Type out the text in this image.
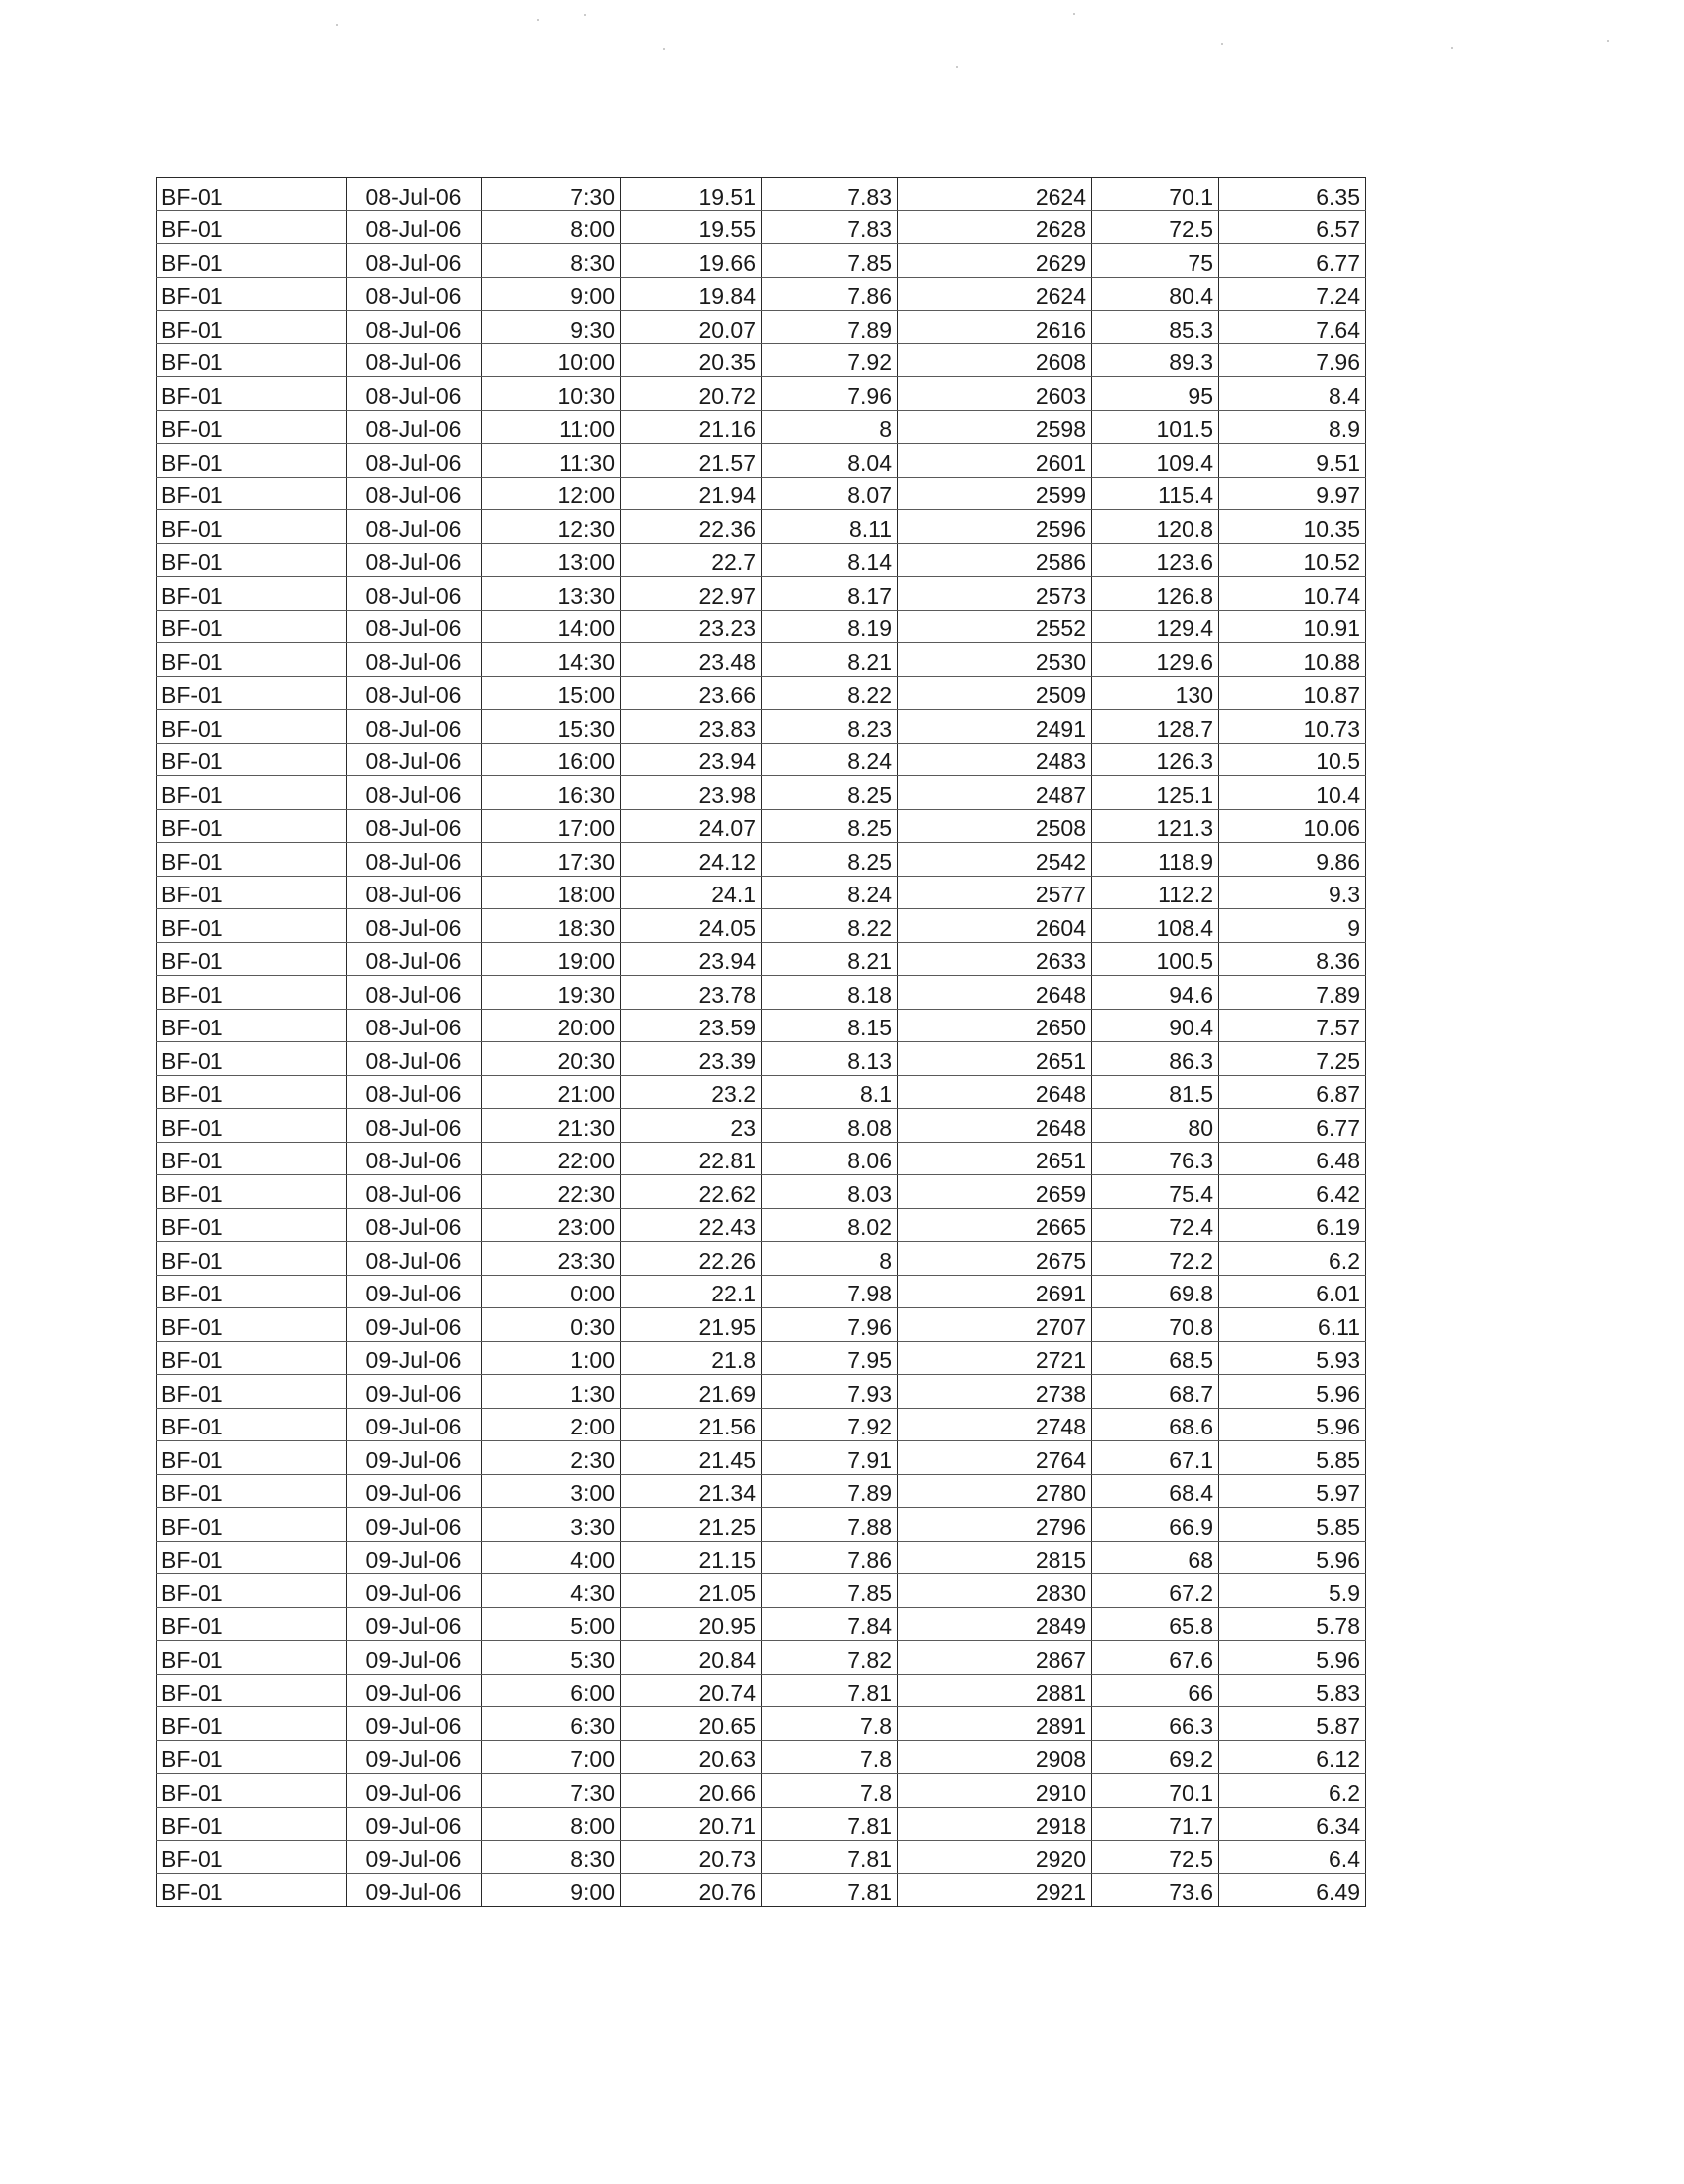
BF-01	08-Jul-06	7:30	19.51	7.83	2624	70.1	6.35
BF-01	08-Jul-06	8:00	19.55	7.83	2628	72.5	6.57
BF-01	08-Jul-06	8:30	19.66	7.85	2629	75	6.77
BF-01	08-Jul-06	9:00	19.84	7.86	2624	80.4	7.24
BF-01	08-Jul-06	9:30	20.07	7.89	2616	85.3	7.64
BF-01	08-Jul-06	10:00	20.35	7.92	2608	89.3	7.96
BF-01	08-Jul-06	10:30	20.72	7.96	2603	95	8.4
BF-01	08-Jul-06	11:00	21.16	8	2598	101.5	8.9
BF-01	08-Jul-06	11:30	21.57	8.04	2601	109.4	9.51
BF-01	08-Jul-06	12:00	21.94	8.07	2599	115.4	9.97
BF-01	08-Jul-06	12:30	22.36	8.11	2596	120.8	10.35
BF-01	08-Jul-06	13:00	22.7	8.14	2586	123.6	10.52
BF-01	08-Jul-06	13:30	22.97	8.17	2573	126.8	10.74
BF-01	08-Jul-06	14:00	23.23	8.19	2552	129.4	10.91
BF-01	08-Jul-06	14:30	23.48	8.21	2530	129.6	10.88
BF-01	08-Jul-06	15:00	23.66	8.22	2509	130	10.87
BF-01	08-Jul-06	15:30	23.83	8.23	2491	128.7	10.73
BF-01	08-Jul-06	16:00	23.94	8.24	2483	126.3	10.5
BF-01	08-Jul-06	16:30	23.98	8.25	2487	125.1	10.4
BF-01	08-Jul-06	17:00	24.07	8.25	2508	121.3	10.06
BF-01	08-Jul-06	17:30	24.12	8.25	2542	118.9	9.86
BF-01	08-Jul-06	18:00	24.1	8.24	2577	112.2	9.3
BF-01	08-Jul-06	18:30	24.05	8.22	2604	108.4	9
BF-01	08-Jul-06	19:00	23.94	8.21	2633	100.5	8.36
BF-01	08-Jul-06	19:30	23.78	8.18	2648	94.6	7.89
BF-01	08-Jul-06	20:00	23.59	8.15	2650	90.4	7.57
BF-01	08-Jul-06	20:30	23.39	8.13	2651	86.3	7.25
BF-01	08-Jul-06	21:00	23.2	8.1	2648	81.5	6.87
BF-01	08-Jul-06	21:30	23	8.08	2648	80	6.77
BF-01	08-Jul-06	22:00	22.81	8.06	2651	76.3	6.48
BF-01	08-Jul-06	22:30	22.62	8.03	2659	75.4	6.42
BF-01	08-Jul-06	23:00	22.43	8.02	2665	72.4	6.19
BF-01	08-Jul-06	23:30	22.26	8	2675	72.2	6.2
BF-01	09-Jul-06	0:00	22.1	7.98	2691	69.8	6.01
BF-01	09-Jul-06	0:30	21.95	7.96	2707	70.8	6.11
BF-01	09-Jul-06	1:00	21.8	7.95	2721	68.5	5.93
BF-01	09-Jul-06	1:30	21.69	7.93	2738	68.7	5.96
BF-01	09-Jul-06	2:00	21.56	7.92	2748	68.6	5.96
BF-01	09-Jul-06	2:30	21.45	7.91	2764	67.1	5.85
BF-01	09-Jul-06	3:00	21.34	7.89	2780	68.4	5.97
BF-01	09-Jul-06	3:30	21.25	7.88	2796	66.9	5.85
BF-01	09-Jul-06	4:00	21.15	7.86	2815	68	5.96
BF-01	09-Jul-06	4:30	21.05	7.85	2830	67.2	5.9
BF-01	09-Jul-06	5:00	20.95	7.84	2849	65.8	5.78
BF-01	09-Jul-06	5:30	20.84	7.82	2867	67.6	5.96
BF-01	09-Jul-06	6:00	20.74	7.81	2881	66	5.83
BF-01	09-Jul-06	6:30	20.65	7.8	2891	66.3	5.87
BF-01	09-Jul-06	7:00	20.63	7.8	2908	69.2	6.12
BF-01	09-Jul-06	7:30	20.66	7.8	2910	70.1	6.2
BF-01	09-Jul-06	8:00	20.71	7.81	2918	71.7	6.34
BF-01	09-Jul-06	8:30	20.73	7.81	2920	72.5	6.4
BF-01	09-Jul-06	9:00	20.76	7.81	2921	73.6	6.49
